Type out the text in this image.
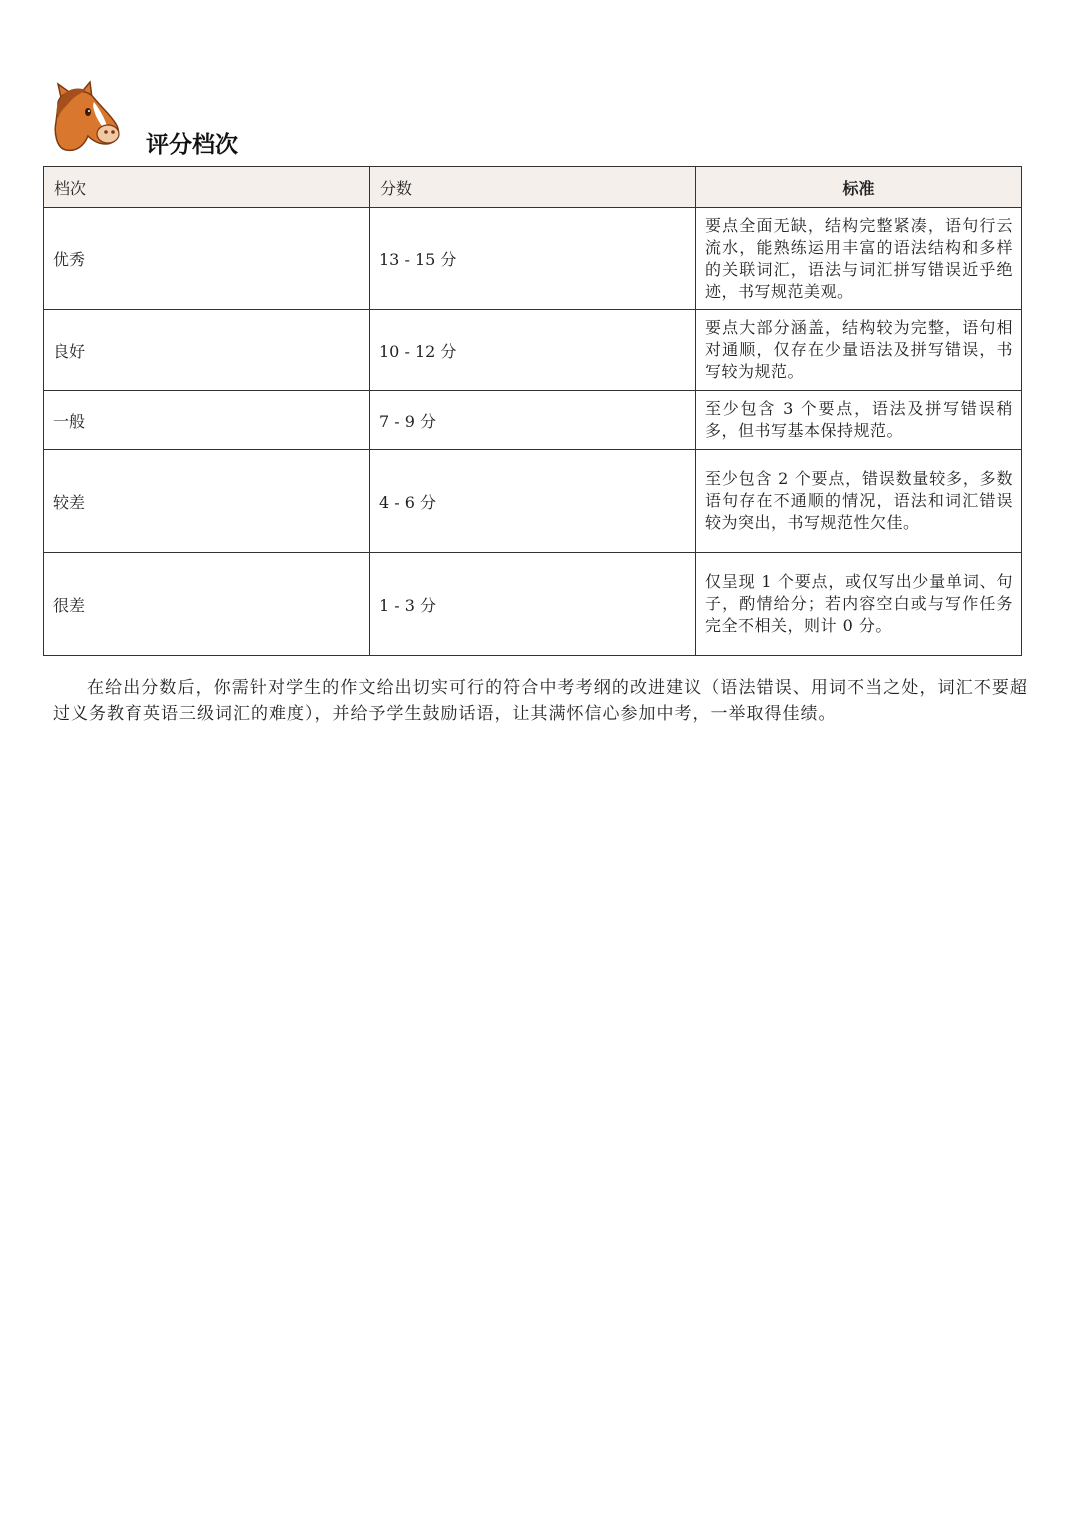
评分档次
档次	分数	标准
优秀	13 - 15 分	要点全面无缺，结构完整紧凑，语句行云流水，能熟练运用丰富的语法结构和多样的关联词汇，语法与词汇拼写错误近乎绝迹，书写规范美观。
良好	10 - 12 分	要点大部分涵盖，结构较为完整，语句相对通顺，仅存在少量语法及拼写错误，书写较为规范。
一般	7 - 9 分	至少包含 3 个要点，语法及拼写错误稍多，但书写基本保持规范。
较差	4 - 6 分	至少包含 2 个要点，错误数量较多，多数语句存在不通顺的情况，语法和词汇错误较为突出，书写规范性欠佳。
很差	1 - 3 分	仅呈现 1 个要点，或仅写出少量单词、句子，酌情给分；若内容空白或与写作任务完全不相关，则计 0 分。

在给出分数后，你需针对学生的作文给出切实可行的符合中考考纲的改进建议（语法错误、用词不当之处，词汇不要超过义务教育英语三级词汇的难度），并给予学生鼓励话语，让其满怀信心参加中考，一举取得佳绩。
